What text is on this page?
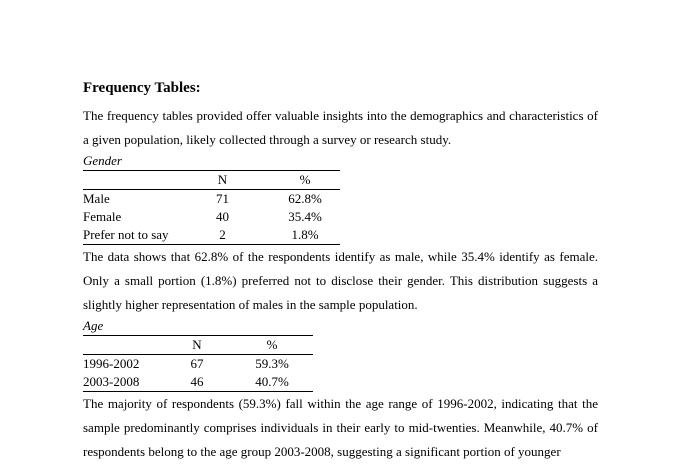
Frequency Tables:

The frequency tables provided offer valuable insights into the demographics and characteristics of a given population, likely collected through a survey or research study.

Gender
	N	%
Male	71	62.8%
Female	40	35.4%
Prefer not to say	2	1.8%

The data shows that 62.8% of the respondents identify as male, while 35.4% identify as female. Only a small portion (1.8%) preferred not to disclose their gender. This distribution suggests a slightly higher representation of males in the sample population.

Age
	N	%
1996-2002	67	59.3%
2003-2008	46	40.7%

The majority of respondents (59.3%) fall within the age range of 1996-2002, indicating that the sample predominantly comprises individuals in their early to mid-twenties. Meanwhile, 40.7% of respondents belong to the age group 2003-2008, suggesting a significant portion of younger
